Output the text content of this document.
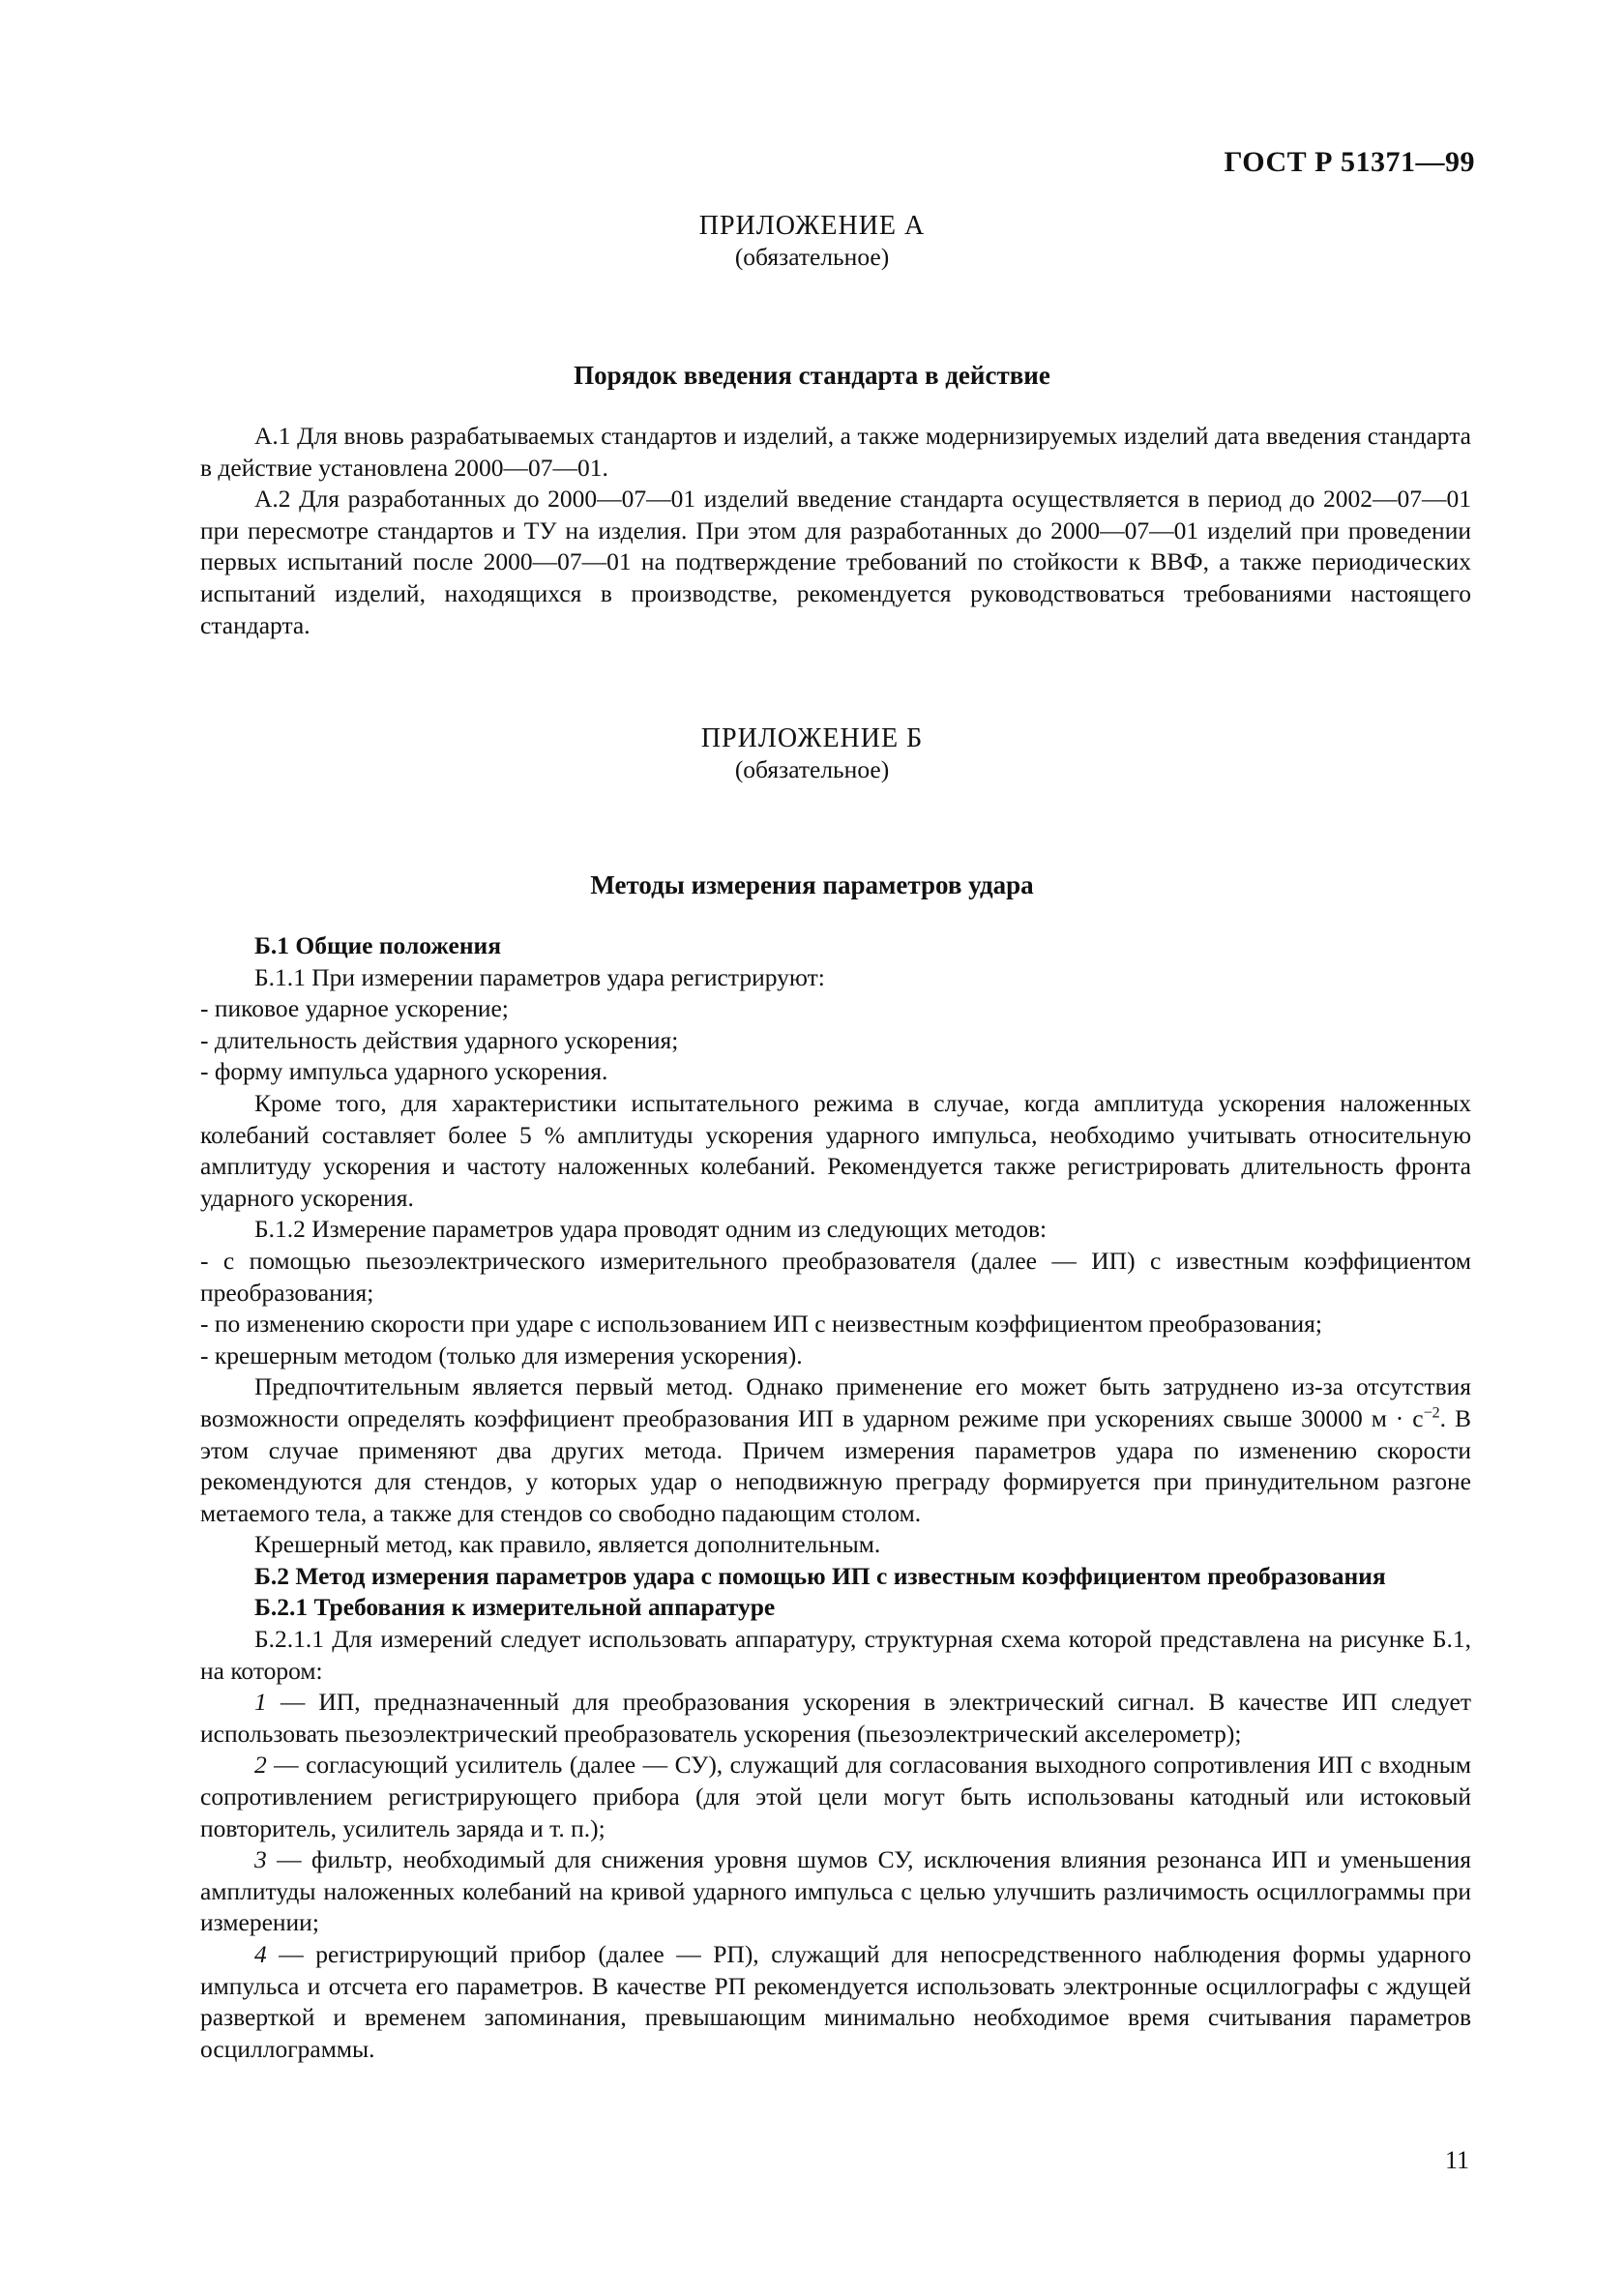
ГОСТ Р 51371—99
ПРИЛОЖЕНИЕ А
(обязательное)
Порядок введения стандарта в действие

А.1 Для вновь разрабатываемых стандартов и изделий, а также модернизируемых изделий дата введения стандарта в действие установлена 2000—07—01.

А.2 Для разработанных до 2000—07—01 изделий введение стандарта осуществляется в период до 2002—07—01 при пересмотре стандартов и ТУ на изделия. При этом для разработанных до 2000—07—01 изделий при проведении первых испытаний после 2000—07—01 на подтверждение требований по стойкости к ВВФ, а также периодических испытаний изделий, находящихся в производстве, рекомендуется руководствоваться требованиями настоящего стандарта.

ПРИЛОЖЕНИЕ Б
(обязательное)
Методы измерения параметров удара

Б.1 Общие положения

Б.1.1 При измерении параметров удара регистрируют:

- пиковое ударное ускорение;

- длительность действия ударного ускорения;

- форму импульса ударного ускорения.

Кроме того, для характеристики испытательного режима в случае, когда амплитуда ускорения наложенных колебаний составляет более 5 % амплитуды ускорения ударного импульса, необходимо учитывать относительную амплитуду ускорения и частоту наложенных колебаний. Рекомендуется также регистрировать длительность фронта ударного ускорения.

Б.1.2 Измерение параметров удара проводят одним из следующих методов:

- с помощью пьезоэлектрического измерительного преобразователя (далее — ИП) с известным коэффициентом преобразования;

- по изменению скорости при ударе с использованием ИП с неизвестным коэффициентом преобразования;

- крешерным методом (только для измерения ускорения).

Предпочтительным является первый метод. Однако применение его может быть затруднено из-за отсутствия возможности определять коэффициент преобразования ИП в ударном режиме при ускорениях свыше 30000 $м \cdot с^{-2}$. В этом случае применяют два других метода. Причем измерения параметров удара по изменению скорости рекомендуются для стендов, у которых удар о неподвижную преграду формируется при принудительном разгоне метаемого тела, а также для стендов со свободно падающим столом.

Крешерный метод, как правило, является дополнительным.

Б.2 Метод измерения параметров удара с помощью ИП с известным коэффициентом преобразования

Б.2.1 Требования к измерительной аппаратуре

Б.2.1.1 Для измерений следует использовать аппаратуру, структурная схема которой представлена на рисунке Б.1, на котором:

1 — ИП, предназначенный для преобразования ускорения в электрический сигнал. В качестве ИП следует использовать пьезоэлектрический преобразователь ускорения (пьезоэлектрический акселерометр);

2 — согласующий усилитель (далее — СУ), служащий для согласования выходного сопротивления ИП с входным сопротивлением регистрирующего прибора (для этой цели могут быть использованы катодный или истоковый повторитель, усилитель заряда и т. п.);

3 — фильтр, необходимый для снижения уровня шумов СУ, исключения влияния резонанса ИП и уменьшения амплитуды наложенных колебаний на кривой ударного импульса с целью улучшить различимость осциллограммы при измерении;

4 — регистрирующий прибор (далее — РП), служащий для непосредственного наблюдения формы ударного импульса и отсчета его параметров. В качестве РП рекомендуется использовать электронные осциллографы с ждущей разверткой и временем запоминания, превышающим минимально необходимое время считывания параметров осциллограммы.

11
